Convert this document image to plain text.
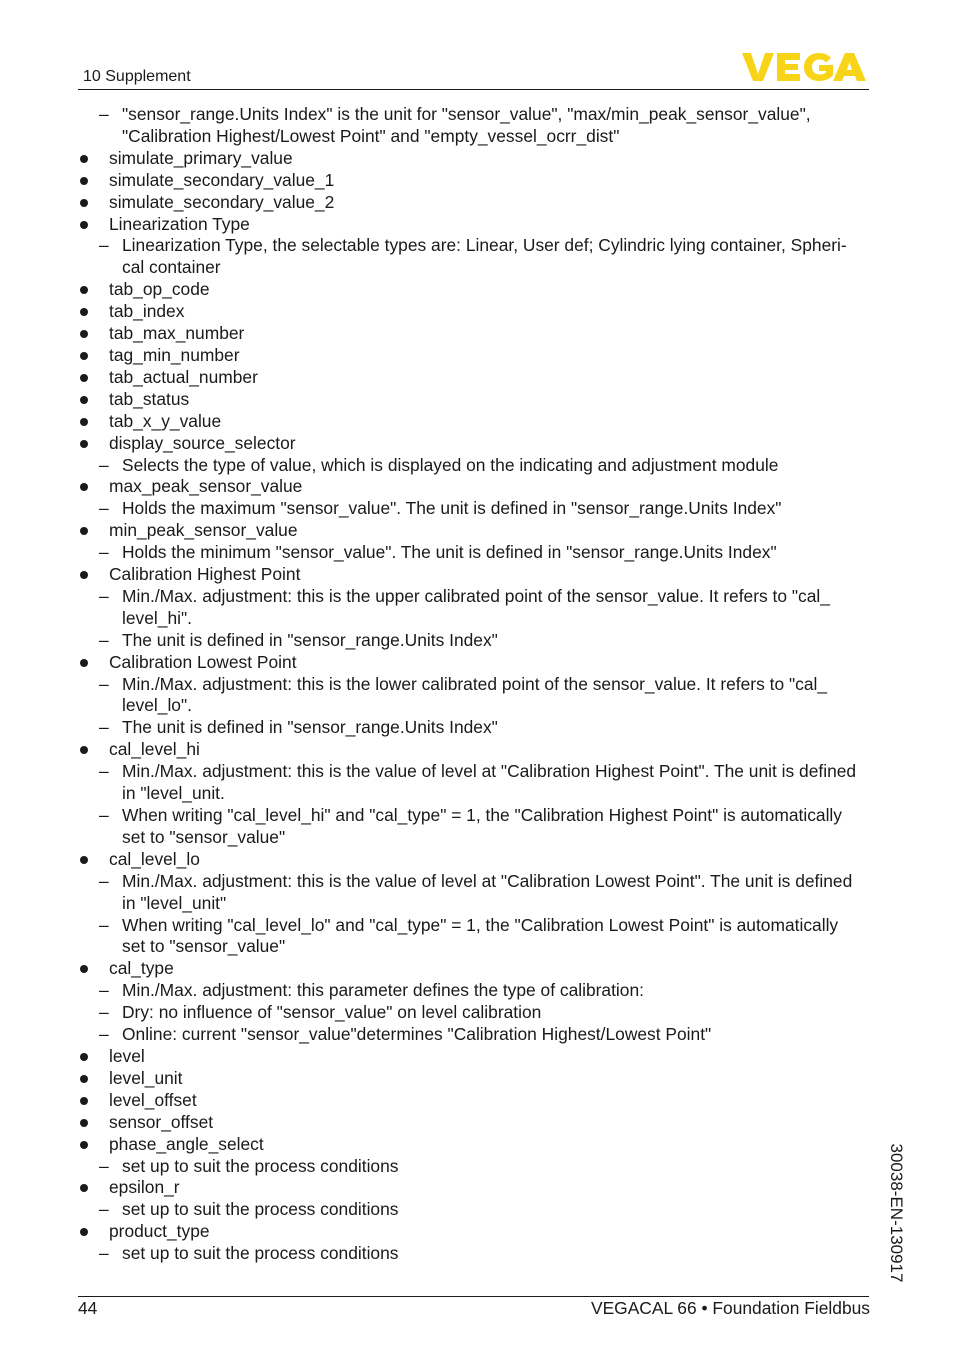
10 Supplement
– "sensor_range.Units Index" is the unit for "sensor_value", "max/min_peak_sensor_value",
"Calibration Highest/Lowest Point" and "empty_vessel_ocrr_dist"
simulate_primary_value
simulate_secondary_value_1
simulate_secondary_value_2
Linearization Type
– Linearization Type, the selectable types are: Linear, User def; Cylindric lying container, Spheri-
cal container
tab_op_code
tab_index
tab_max_number
tag_min_number
tab_actual_number
tab_status
tab_x_y_value
display_source_selector
– Selects the type of value, which is displayed on the indicating and adjustment module
max_peak_sensor_value
– Holds the maximum "sensor_value". The unit is defined in "sensor_range.Units Index"
min_peak_sensor_value
– Holds the minimum "sensor_value". The unit is defined in "sensor_range.Units Index"
Calibration Highest Point
– Min./Max. adjustment: this is the upper calibrated point of the sensor_value. It refers to "cal_
level_hi".
– The unit is defined in "sensor_range.Units Index"
Calibration Lowest Point
– Min./Max. adjustment: this is the lower calibrated point of the sensor_value. It refers to "cal_
level_lo".
– The unit is defined in "sensor_range.Units Index"
cal_level_hi
– Min./Max. adjustment: this is the value of level at "Calibration Highest Point". The unit is defined
in "level_unit.
– When writing "cal_level_hi" and "cal_type" = 1, the "Calibration Highest Point" is automatically
set to "sensor_value"
cal_level_lo
– Min./Max. adjustment: this is the value of level at "Calibration Lowest Point". The unit is defined
in "level_unit"
– When writing "cal_level_lo" and "cal_type" = 1, the "Calibration Lowest Point" is automatically
set to "sensor_value"
cal_type
– Min./Max. adjustment: this parameter defines the type of calibration:
– Dry: no influence of "sensor_value" on level calibration
– Online: current "sensor_value"determines "Calibration Highest/Lowest Point"
level
level_unit
level_offset
sensor_offset
phase_angle_select
– set up to suit the process conditions
epsilon_r
– set up to suit the process conditions
product_type
– set up to suit the process conditions
44	VEGACAL 66 • Foundation Fieldbus
30038-EN-130917
